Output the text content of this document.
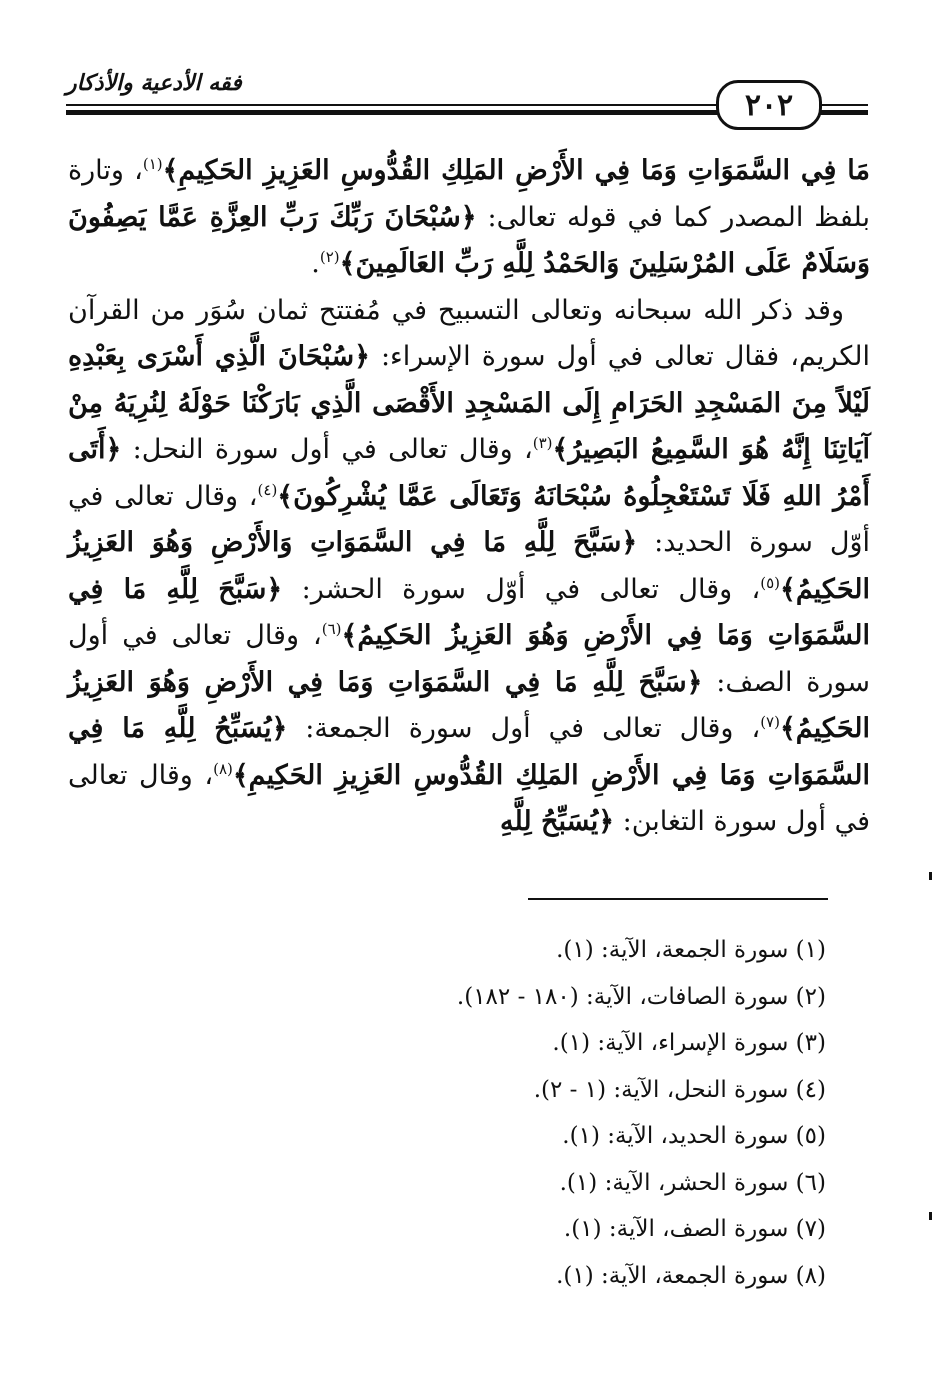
فقه الأدعية والأذكار
٢٠٢

مَا فِي السَّمَوَاتِ وَمَا فِي الأَرْضِ المَلِكِ القُدُّوسِ العَزِيزِ الحَكِيمِ﴾$^{(١)}$، وتارة بلفظ المصدر كما في قوله تعالى: ﴿سُبْحَانَ رَبِّكَ رَبِّ العِزَّةِ عَمَّا يَصِفُونَ وَسَلَامٌ عَلَى المُرْسَلِينَ وَالحَمْدُ لِلَّهِ رَبِّ العَالَمِينَ﴾$^{(٢)}$.

وقد ذكر الله سبحانه وتعالى التسبيح في مُفتتح ثمان سُوَر من القرآن الكريم، فقال تعالى في أول سورة الإسراء: ﴿سُبْحَانَ الَّذِي أَسْرَى بِعَبْدِهِ لَيْلاً مِنَ المَسْجِدِ الحَرَامِ إِلَى المَسْجِدِ الأَقْصَى الَّذِي بَارَكْنَا حَوْلَهُ لِنُرِيَهُ مِنْ آيَاتِنَا إِنَّهُ هُوَ السَّمِيعُ البَصِيرُ﴾$^{(٣)}$، وقال تعالى في أول سورة النحل: ﴿أَتَى أَمْرُ اللهِ فَلَا تَسْتَعْجِلُوهُ سُبْحَانَهُ وَتَعَالَى عَمَّا يُشْرِكُونَ﴾$^{(٤)}$، وقال تعالى في أوّل سورة الحديد: ﴿سَبَّحَ لِلَّهِ مَا فِي السَّمَوَاتِ وَالأَرْضِ وَهُوَ العَزِيزُ الحَكِيمُ﴾$^{(٥)}$، وقال تعالى في أوّل سورة الحشر: ﴿سَبَّحَ لِلَّهِ مَا فِي السَّمَوَاتِ وَمَا فِي الأَرْضِ وَهُوَ العَزِيزُ الحَكِيمُ﴾$^{(٦)}$، وقال تعالى في أول سورة الصف: ﴿سَبَّحَ لِلَّهِ مَا فِي السَّمَوَاتِ وَمَا فِي الأَرْضِ وَهُوَ العَزِيزُ الحَكِيمُ﴾$^{(٧)}$، وقال تعالى في أول سورة الجمعة: ﴿يُسَبِّحُ لِلَّهِ مَا فِي السَّمَوَاتِ وَمَا فِي الأَرْضِ المَلِكِ القُدُّوسِ العَزِيزِ الحَكِيمِ﴾$^{(٨)}$، وقال تعالى في أول سورة التغابن: ﴿يُسَبِّحُ لِلَّهِ

(١) سورة الجمعة، الآية: (١).
(٢) سورة الصافات، الآية: (١٨٠ - ١٨٢).
(٣) سورة الإسراء، الآية: (١).
(٤) سورة النحل، الآية: (١ - ٢).
(٥) سورة الحديد، الآية: (١).
(٦) سورة الحشر، الآية: (١).
(٧) سورة الصف، الآية: (١).
(٨) سورة الجمعة، الآية: (١).
